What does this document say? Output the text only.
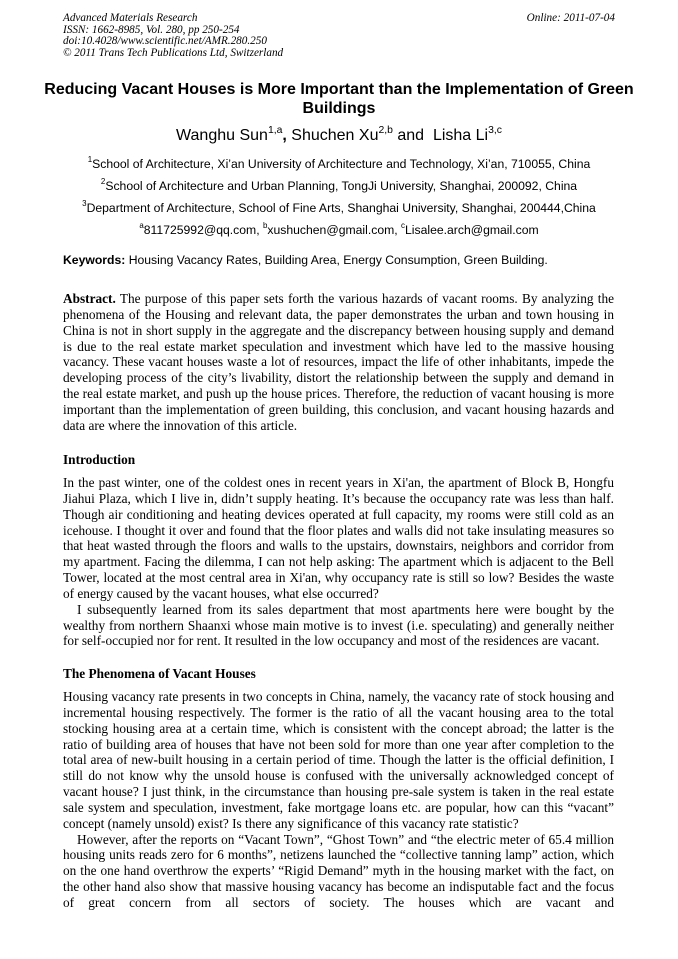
Advanced Materials Research
ISSN: 1662-8985, Vol. 280, pp 250-254
doi:10.4028/www.scientific.net/AMR.280.250
© 2011 Trans Tech Publications Ltd, Switzerland
Online: 2011-07-04
Reducing Vacant Houses is More Important than the Implementation of Green Buildings
Wanghu Sun$^{1,a}$, Shuchen Xu$^{2,b}$ and  Lisha Li$^{3,c}$
$^1$School of Architecture, Xi’an University of Architecture and Technology, Xi’an, 710055, China
$^2$School of Architecture and Urban Planning, TongJi University, Shanghai, 200092, China
$^3$Department of Architecture, School of Fine Arts, Shanghai University, Shanghai, 200444,China
$^a$811725992@qq.com, $^b$xushuchen@gmail.com, $^c$Lisalee.arch@gmail.com
Keywords: Housing Vacancy Rates, Building Area, Energy Consumption, Green Building.

Abstract. The purpose of this paper sets forth the various hazards of vacant rooms. By analyzing the phenomena of the Housing and relevant data, the paper demonstrates the urban and town housing in China is not in short supply in the aggregate and the discrepancy between housing supply and demand is due to the real estate market speculation and investment which have led to the massive housing vacancy. These vacant houses waste a lot of resources, impact the life of other inhabitants, impede the developing process of the city’s livability, distort the relationship between the supply and demand in the real estate market, and push up the house prices. Therefore, the reduction of vacant housing is more important than the implementation of green building, this conclusion, and vacant housing hazards and data are where the innovation of this article.

Introduction

In the past winter, one of the coldest ones in recent years in Xi'an, the apartment of Block B, Hongfu Jiahui Plaza, which I live in, didn’t supply heating. It’s because the occupancy rate was less than half. Though air conditioning and heating devices operated at full capacity, my rooms were still cold as an icehouse. I thought it over and found that the floor plates and walls did not take insulating measures so that heat wasted through the floors and walls to the upstairs, downstairs, neighbors and corridor from my apartment. Facing the dilemma, I can not help asking: The apartment which is adjacent to the Bell Tower, located at the most central area in Xi'an, why occupancy rate is still so low? Besides the waste of energy caused by the vacant houses, what else occurred?

I subsequently learned from its sales department that most apartments here were bought by the wealthy from northern Shaanxi whose main motive is to invest (i.e. speculating) and generally neither for self-occupied nor for rent. It resulted in the low occupancy and most of the residences are vacant.

The Phenomena of Vacant Houses

Housing vacancy rate presents in two concepts in China, namely, the vacancy rate of stock housing and incremental housing respectively. The former is the ratio of all the vacant housing area to the total stocking housing area at a certain time, which is consistent with the concept abroad; the latter is the ratio of building area of houses that have not been sold for more than one year after completion to the total area of new-built housing in a certain period of time. Though the latter is the official definition, I still do not know why the unsold house is confused with the universally acknowledged concept of vacant house? I just think, in the circumstance than housing pre-sale system is taken in the real estate sale system and speculation, investment, fake mortgage loans etc. are popular, how can this “vacant” concept (namely unsold) exist? Is there any significance of this vacancy rate statistic?

However, after the reports on “Vacant Town”, “Ghost Town” and “the electric meter of 65.4 million housing units reads zero for 6 months”, netizens launched the “collective tanning lamp” action, which on the one hand overthrow the experts’ “Rigid Demand” myth in the housing market with the fact, on the other hand also show that massive housing vacancy has become an indisputable fact and the focus of great concern from all sectors of society. The houses which are vacant and
